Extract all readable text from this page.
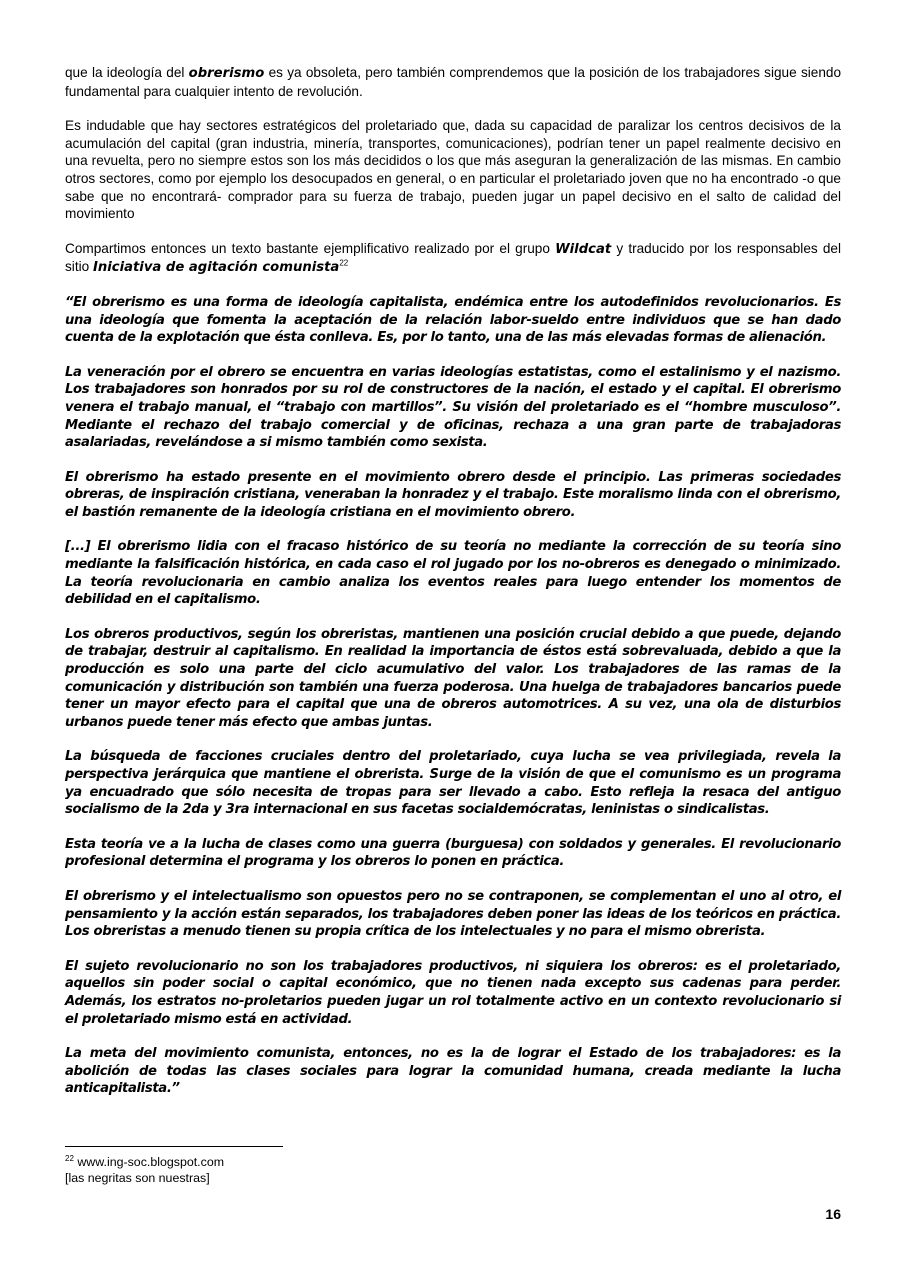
que la ideología del obrerismo es ya obsoleta, pero también comprendemos que la posición de los trabajadores sigue siendo fundamental para cualquier intento de revolución.

Es indudable que hay sectores estratégicos del proletariado que, dada su capacidad de paralizar los centros decisivos de la acumulación del capital (gran industria, minería, transportes, comunicaciones), podrían tener un papel realmente decisivo en una revuelta, pero no siempre estos son los más decididos o los que más aseguran la generalización de las mismas. En cambio otros sectores, como por ejemplo los desocupados en general, o en particular el proletariado joven que no ha encontrado -o que sabe que no encontrará- comprador para su fuerza de trabajo, pueden jugar un papel decisivo en el salto de calidad del movimiento

Compartimos entonces un texto bastante ejemplificativo realizado por el grupo Wildcat y traducido por los responsables del sitio Iniciativa de agitación comunista$^{22}$

“El obrerismo es una forma de ideología capitalista, endémica entre los autodefinidos revolucionarios. Es una ideología que fomenta la aceptación de la relación labor-sueldo entre individuos que se han dado cuenta de la explotación que ésta conlleva. Es, por lo tanto, una de las más elevadas formas de alienación.

La veneración por el obrero se encuentra en varias ideologías estatistas, como el estalinismo y el nazismo. Los trabajadores son honrados por su rol de constructores de la nación, el estado y el capital. El obrerismo venera el trabajo manual, el “trabajo con martillos”. Su visión del proletariado es el “hombre musculoso”. Mediante el rechazo del trabajo comercial y de oficinas, rechaza a una gran parte de trabajadoras asalariadas, revelándose a si mismo también como sexista.

El obrerismo ha estado presente en el movimiento obrero desde el principio. Las primeras sociedades obreras, de inspiración cristiana, veneraban la honradez y el trabajo. Este moralismo linda con el obrerismo, el bastión remanente de la ideología cristiana en el movimiento obrero.

[...] El obrerismo lidia con el fracaso histórico de su teoría no mediante la corrección de su teoría sino mediante la falsificación histórica, en cada caso el rol jugado por los no-obreros es denegado o minimizado. La teoría revolucionaria en cambio analiza los eventos reales para luego entender los momentos de debilidad en el capitalismo.

Los obreros productivos, según los obreristas, mantienen una posición crucial debido a que puede, dejando de trabajar, destruir al capitalismo. En realidad la importancia de éstos está sobrevaluada, debido a que la producción es solo una parte del ciclo acumulativo del valor. Los trabajadores de las ramas de la comunicación y distribución son también una fuerza poderosa. Una huelga de trabajadores bancarios puede tener un mayor efecto para el capital que una de obreros automotrices. A su vez, una ola de disturbios urbanos puede tener más efecto que ambas juntas.

La búsqueda de facciones cruciales dentro del proletariado, cuya lucha se vea privilegiada, revela la perspectiva jerárquica que mantiene el obrerista. Surge de la visión de que el comunismo es un programa ya encuadrado que sólo necesita de tropas para ser llevado a cabo. Esto refleja la resaca del antiguo socialismo de la 2da y 3ra internacional en sus facetas socialdemócratas, leninistas o sindicalistas.

Esta teoría ve a la lucha de clases como una guerra (burguesa) con soldados y generales. El revolucionario profesional determina el programa y los obreros lo ponen en práctica.

El obrerismo y el intelectualismo son opuestos pero no se contraponen, se complementan el uno al otro, el pensamiento y la acción están separados, los trabajadores deben poner las ideas de los teóricos en práctica. Los obreristas a menudo tienen su propia crítica de los intelectuales y no para el mismo obrerista.

El sujeto revolucionario no son los trabajadores productivos, ni siquiera los obreros: es el proletariado, aquellos sin poder social o capital económico, que no tienen nada excepto sus cadenas para perder. Además, los estratos no-proletarios pueden jugar un rol totalmente activo en un contexto revolucionario si el proletariado mismo está en actividad.

La meta del movimiento comunista, entonces, no es la de lograr el Estado de los trabajadores: es la abolición de todas las clases sociales para lograr la comunidad humana, creada mediante la lucha anticapitalista.”

$^{22}$ www.ing-soc.blogspot.com
[las negritas son nuestras]
16
